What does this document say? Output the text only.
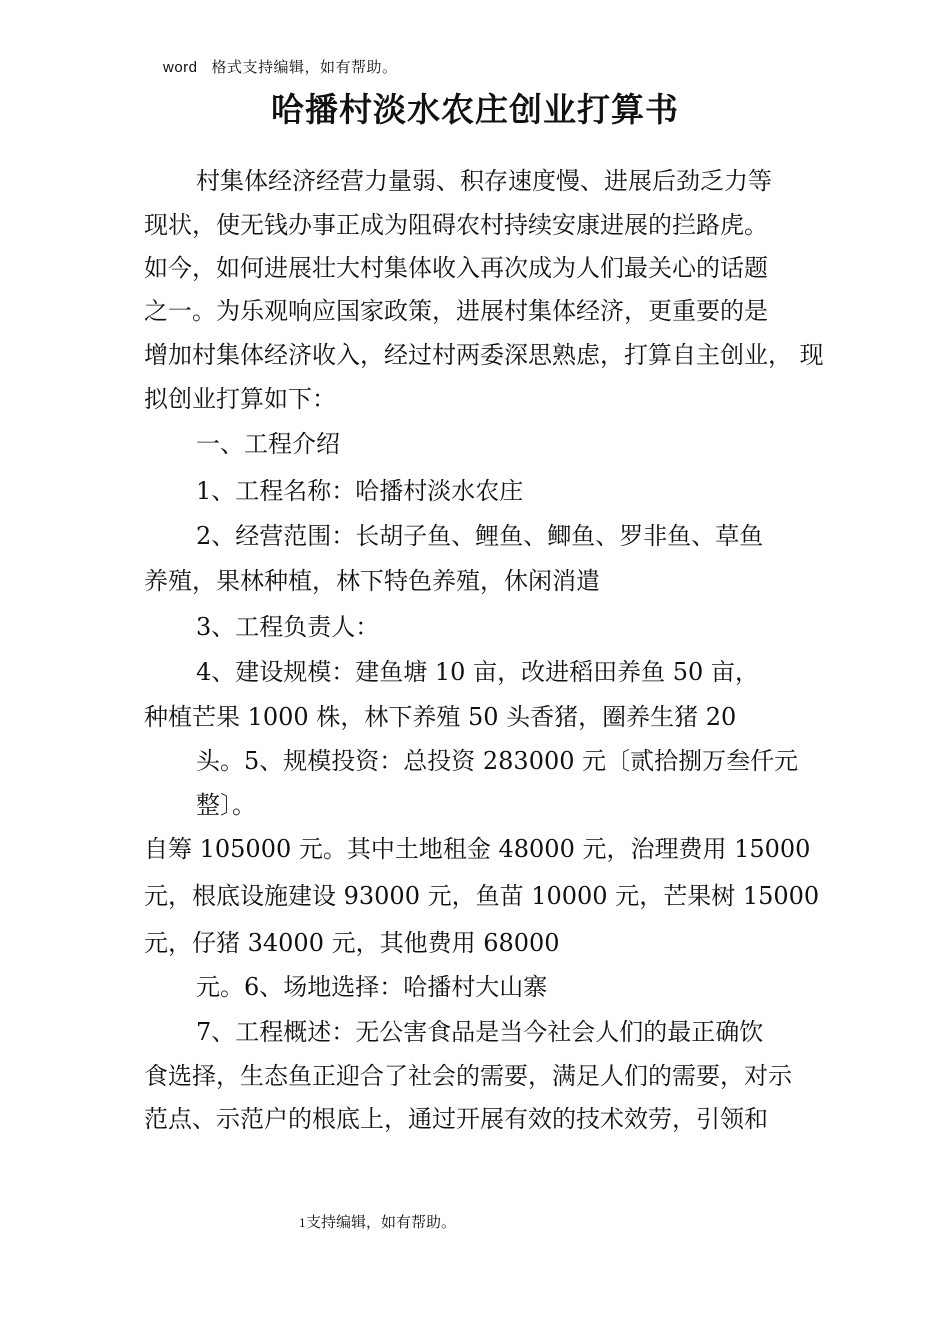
word 格式支持编辑，如有帮助。
哈播村淡水农庄创业打算书
村集体经济经营力量弱、积存速度慢、进展后劲乏力等
现状，使无钱办事正成为阻碍农村持续安康进展的拦路虎。
如今，如何进展壮大村集体收入再次成为人们最关心的话题
之一。为乐观响应国家政策，进展村集体经济，更重要的是
增加村集体经济收入，经过村两委深思熟虑，打算自主创业， 现
拟创业打算如下：
一、工程介绍
1、工程名称：哈播村淡水农庄
2、经营范围：长胡子鱼、鲤鱼、鲫鱼、罗非鱼、草鱼
养殖，果林种植，林下特色养殖，休闲消遣
3、工程负责人：
4、建设规模：建鱼塘 10 亩，改进稻田养鱼 50 亩，
种植芒果 1000 株，林下养殖 50 头香猪，圈养生猪 20
头。5、规模投资：总投资 283000 元〔贰拾捌万叁仟元
整〕。
自筹 105000 元。其中土地租金 48000 元，治理费用 15000
元，根底设施建设 93000 元，鱼苗 10000 元，芒果树 15000
元，仔猪 34000 元，其他费用 68000
元。6、场地选择：哈播村大山寨
7、工程概述：无公害食品是当今社会人们的最正确饮
食选择，生态鱼正迎合了社会的需要，满足人们的需要，对示
范点、示范户的根底上，通过开展有效的技术效劳，引领和
1支持编辑，如有帮助。
